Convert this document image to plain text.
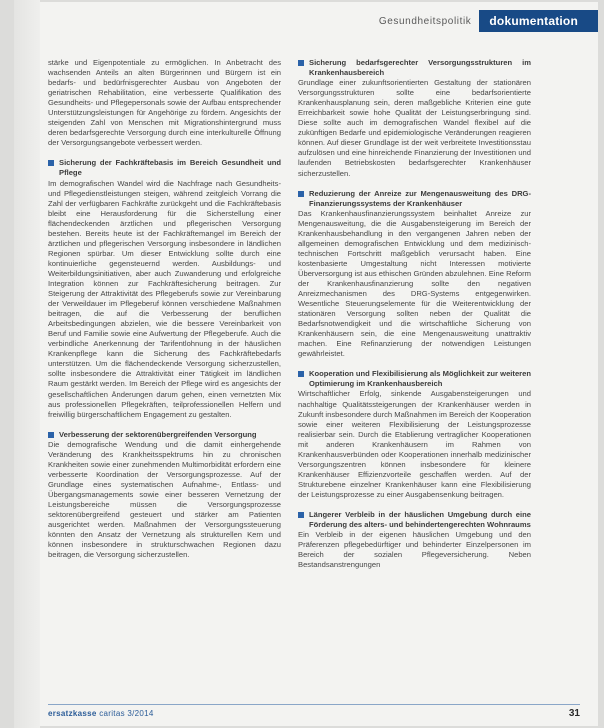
Gesundheitspolitik	dokumentation

stärke und Eigenpotentiale zu ermöglichen. In Anbetracht des wachsenden Anteils an alten Bürgerinnen und Bürgern ist ein bedarfs- und bedürfnisgerechter Ausbau von Angeboten der geriatrischen Rehabilitation, eine verbesserte Qualifikation des Gesundheits- und Pflegepersonals sowie der Aufbau entsprechender Unterstützungsleistungen für Angehörige zu fördern. Angesichts der steigenden Zahl von Menschen mit Migrationshintergrund muss deren bedarfsgerechte Versorgung durch eine interkulturelle Öffnung der Versorgungsangebote verbessert werden.

Sicherung der Fachkräftebasis im Bereich Gesundheit und Pflege

Im demografischen Wandel wird die Nachfrage nach Gesundheits- und Pflegedienstleistungen steigen, während zeitgleich Vorrang die Zahl der verfügbaren Fachkräfte zurückgeht und die Fachkräftebasis bleibt eine Herausforderung für die Sicherstellung einer flächendeckenden ärztlichen und pflegerischen Versorgung bestehen. Bereits heute ist der Fachkräftemangel im Bereich der ärztlichen und pflegerischen Versorgung insbesondere in ländlichen Regionen spürbar. Um dieser Entwicklung sollte durch eine kontinuierliche gegensteuernd werden. Ausbildungs- und Weiterbildungsinitiativen, aber auch Zuwanderung und erfolgreiche Integration können zur Fachkräftesicherung beitragen. Zur Steigerung der Attraktivität des Pflegeberufs sowie zur Vereinbarung der Verweildauer im Pflegeberuf können verschiedene Maßnahmen beitragen, die auf die Verbesserung der beruflichen Arbeitsbedingungen abzielen, wie die bessere Vereinbarkeit von Beruf und Familie sowie eine Aufwertung der Pflegeberufe. Auch die verbindliche Anerkennung der Tarifentlohnung in der häuslichen Krankenpflege kann die Sicherung des Fachkräftebedarfs unterstützen. Um die flächendeckende Versorgung sicherzustellen, sollte insbesondere die Attraktivität einer Tätigkeit im ländlichen Raum gestärkt werden. Im Bereich der Pflege wird es angesichts der gesellschaftlichen Änderungen darum gehen, einen vernetzten Mix aus professionellen Pflegekräften, teilprofessionellen Helfern und freiwillig bürgerschaftlichem Engagement zu gestalten.

Verbesserung der sektorenübergreifenden Versorgung

Die demografische Wendung und die damit einhergehende Veränderung des Krankheitsspektrums hin zu chronischen Krankheiten sowie einer zunehmenden Multimorbidität erfordern eine verbesserte Koordination der Versorgungsprozesse. Auf der Grundlage eines systematischen Aufnahme-, Entlass- und Übergangsmanagements sowie einer besseren Vernetzung der Leistungsbereiche müssen die Versorgungsprozesse sektorenübergreifend gesteuert und stärker am Patienten ausgerichtet werden. Maßnahmen der Versorgungssteuerung könnten den Ansatz der Vernetzung als strukturellen Kern und können insbesondere in strukturschwachen Regionen dazu beitragen, die Versorgung sicherzustellen.

Sicherung bedarfsgerechter Versorgungsstrukturen im Krankenhausbereich

Grundlage einer zukunftsorientierten Gestaltung der stationären Versorgungsstrukturen sollte eine bedarfsorientierte Krankenhausplanung sein, deren maßgebliche Kriterien eine gute Erreichbarkeit sowie hohe Qualität der Leistungserbringung sind. Diese sollte auch im demografischen Wandel flexibel auf die zukünftigen Bedarfe und epidemiologische Veränderungen reagieren können. Auf dieser Grundlage ist der weit verbreitete Investitionsstau aufzulösen und eine hinreichende Finanzierung der Investitionen und laufenden Betriebskosten bedarfsgerechter Krankenhäuser sicherzustellen.

Reduzierung der Anreize zur Mengenausweitung des DRG-Finanzierungssystems der Krankenhäuser

Das Krankenhausfinanzierungssystem beinhaltet Anreize zur Mengenausweitung, die die Ausgabensteigerung im Bereich der Krankenhausbehandlung in den vergangenen Jahren neben der allgemeinen demografischen Entwicklung und dem medizinisch-technischen Fortschritt maßgeblich verursacht haben. Eine kostenbasierte Umgestaltung nicht Interessen motivierte Überversorgung ist aus ethischen Gründen abzulehnen. Eine Reform der Krankenhausfinanzierung sollte den negativen Anreizmechanismen des DRG-Systems entgegenwirken. Wesentliche Steuerungselemente für die Weiterentwicklung der stationären Versorgung sollten neben der Qualität die Bedarfsnotwendigkeit und die wirtschaftliche Sicherung von Krankenhäusern sein, die eine Mengenausweitung unattraktiv machen. Eine Refinanzierung der notwendigen Leistungen gewährleistet.

Kooperation und Flexibilisierung als Möglichkeit zur weiteren Optimierung im Krankenhausbereich

Wirtschaftlicher Erfolg, sinkende Ausgabensteigerungen und nachhaltige Qualitätssteigerungen der Krankenhäuser werden in Zukunft insbesondere durch Maßnahmen im Bereich der Kooperation sowie einer weiteren Flexibilisierung der Leistungsprozesse realisierbar sein. Durch die Etablierung vertraglicher Kooperationen mit anderen Krankenhäusern im Rahmen von Krankenhausverbünden oder Kooperationen innerhalb medizinischer Versorgungszentren können insbesondere für kleinere Krankenhäuser Effizienzvorteile geschaffen werden. Auf der Strukturebene einzelner Krankenhäuser kann eine Flexibilisierung der Leistungsprozesse zu einer Ausgabensenkung beitragen.

Längerer Verbleib in der häuslichen Umgebung durch eine Förderung des alters- und behindertengerechten Wohnraums

Ein Verbleib in der eigenen häuslichen Umgebung und den Präferenzen pflegebedürftiger und behinderter Einzelpersonen im Bereich der sozialen Pflegeversicherung. Neben Bestandsanstrengungen

ersatzkasse caritas 3/2014	31
